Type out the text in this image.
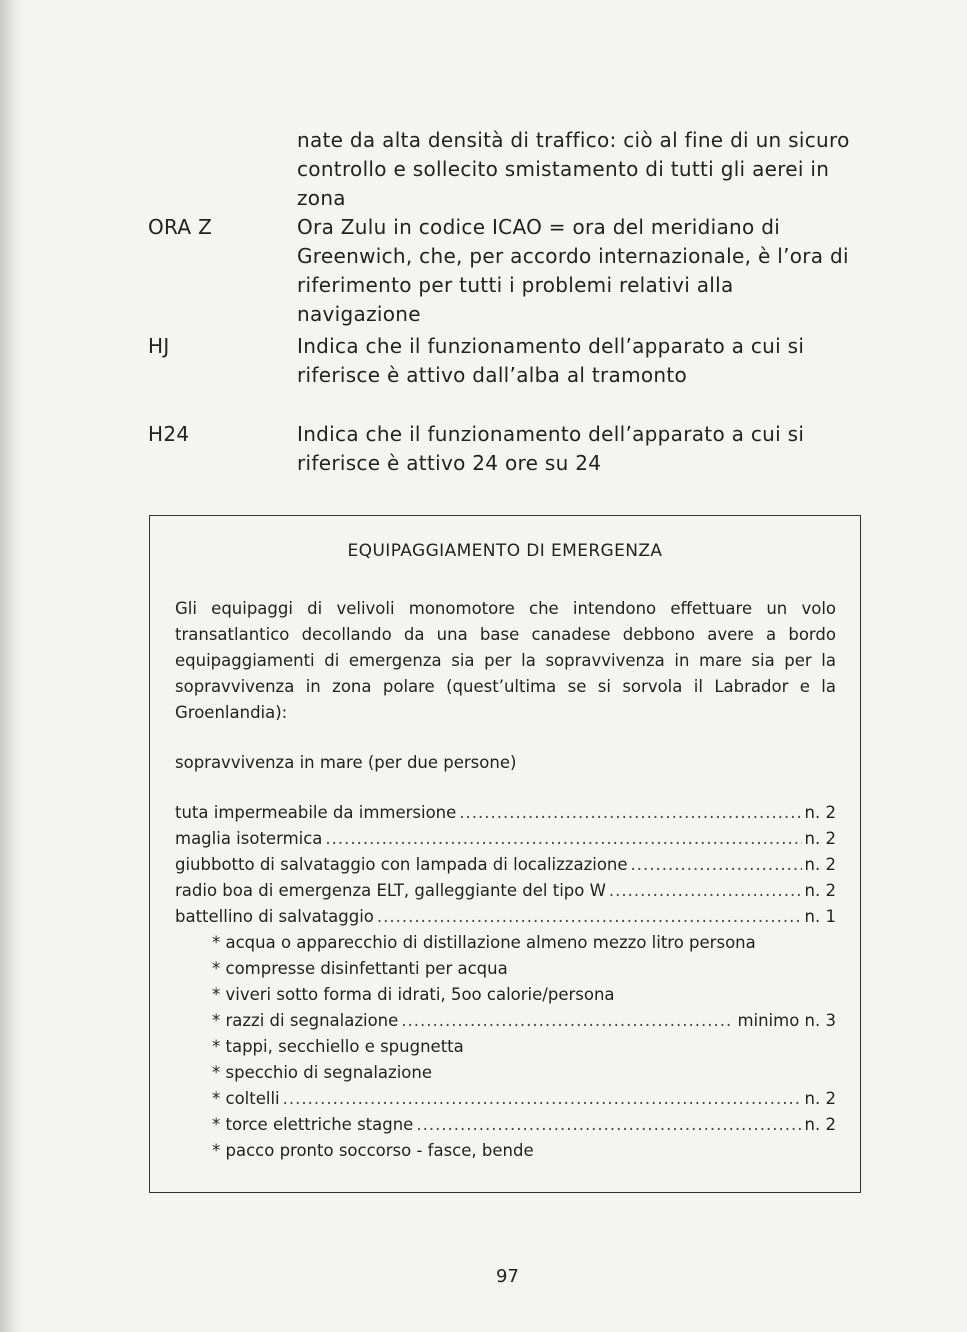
nate da alta densità di traffico: ciò al fine di un sicuro
controllo e sollecito smistamento di tutti gli aerei in zona
ORA Z	Ora Zulu in codice ICAO = ora del meridiano di Greenwich, che, per accordo internazionale, è l’ora di riferimento per tutti i problemi relativi alla navigazione
HJ	Indica che il funzionamento dell’apparato a cui si riferisce è attivo dall’alba al tramonto
H24	Indica che il funzionamento dell’apparato a cui si riferisce è attivo 24 ore su 24
EQUIPAGGIAMENTO DI EMERGENZA
Gli equipaggi di velivoli monomotore che intendono effettuare un volo transatlantico decollando da una base canadese debbono avere a bordo equipaggiamenti di emergenza sia per la sopravvivenza in mare sia per la sopravvivenza in zona polare (quest’ultima se si sorvola il Labrador e la Groenlandia):
sopravvivenza in mare (per due persone)
tuta impermeabile da immersione .....	n. 2
maglia isotermica .....	n. 2
giubbotto di salvataggio con lampada di localizzazione .....	n. 2
radio boa di emergenza ELT, galleggiante del tipo W .....	n. 2
battellino di salvataggio .....	n. 1
* acqua o apparecchio di distillazione almeno mezzo litro persona
* compresse disinfettanti per acqua
* viveri sotto forma di idrati, 5oo calorie/persona
* razzi di segnalazione .....	minimo n. 3
* tappi, secchiello e spugnetta
* specchio di segnalazione
* coltelli .....	n. 2
* torce elettriche stagne .....	n. 2
* pacco pronto soccorso - fasce, bende
97
